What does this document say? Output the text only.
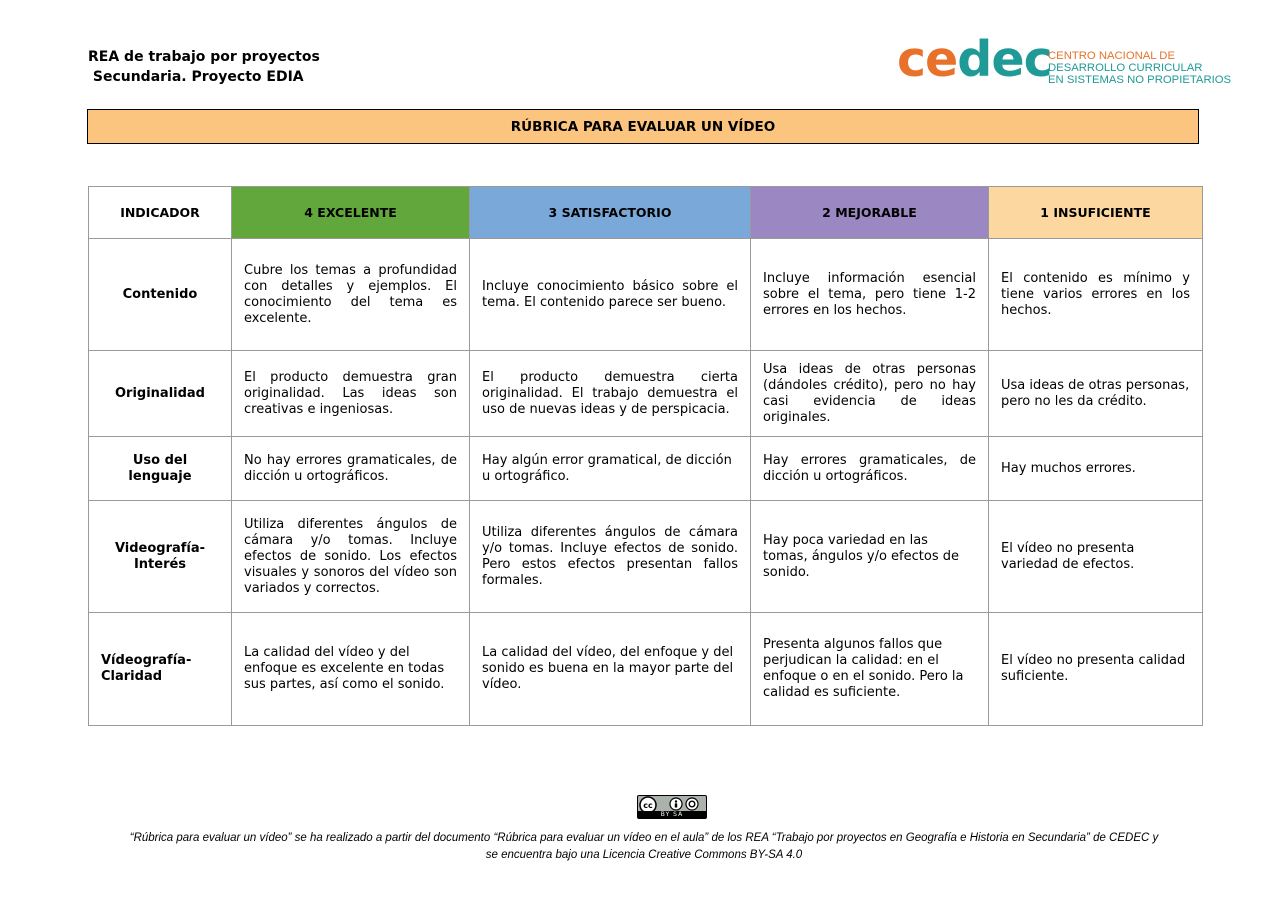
REA de trabajo por proyectos
Secundaria. Proyecto EDIA	cedec
CENTRO NACIONAL DE
DESARROLLO CURRICULAR
EN SISTEMAS NO PROPIETARIOS
RÚBRICA PARA EVALUAR UN VÍDEO
INDICADOR	4 EXCELENTE	3 SATISFACTORIO	2 MEJORABLE	1 INSUFICIENTE
Contenido	Cubre los temas a profundidad con detalles y ejemplos. El conocimiento del tema es excelente.	Incluye conocimiento básico sobre el tema. El contenido parece ser bueno.	Incluye información esencial sobre el tema, pero tiene 1-2 errores en los hechos.	El contenido es mínimo y tiene varios errores en los hechos.
Originalidad	El producto demuestra gran originalidad. Las ideas son creativas e ingeniosas.	El producto demuestra cierta originalidad. El trabajo demuestra el uso de nuevas ideas y de perspicacia.	Usa ideas de otras personas (dándoles crédito), pero no hay casi evidencia de ideas originales.	Usa ideas de otras personas, pero no les da crédito.
Uso del lenguaje	No hay errores gramaticales, de dicción u ortográficos.	Hay algún error gramatical, de dicción u ortográfico.	Hay errores gramaticales, de dicción u ortográficos.	Hay muchos errores.
Videografía-Interés	Utiliza diferentes ángulos de cámara y/o tomas. Incluye efectos de sonido. Los efectos visuales y sonoros del vídeo son variados y correctos.	Utiliza diferentes ángulos de cámara y/o tomas. Incluye efectos de sonido. Pero estos efectos presentan fallos formales.	Hay poca variedad en las tomas, ángulos y/o efectos de sonido.	El vídeo no presenta variedad de efectos.
Vídeografía-Claridad	La calidad del vídeo y del enfoque es excelente en todas sus partes, así como el sonido.	La calidad del vídeo, del enfoque y del sonido es buena en la mayor parte del vídeo.	Presenta algunos fallos que perjudican la calidad: en el enfoque o en el sonido. Pero la calidad es suficiente.	El vídeo no presenta calidad suficiente.
cc
BY SA
“Rúbrica para evaluar un vídeo” se ha realizado a partir del documento “Rúbrica para evaluar un vídeo en el aula” de los REA “Trabajo por proyectos en Geografía e Historia en Secundaria” de CEDEC y
se encuentra bajo una Licencia Creative Commons BY-SA 4.0
